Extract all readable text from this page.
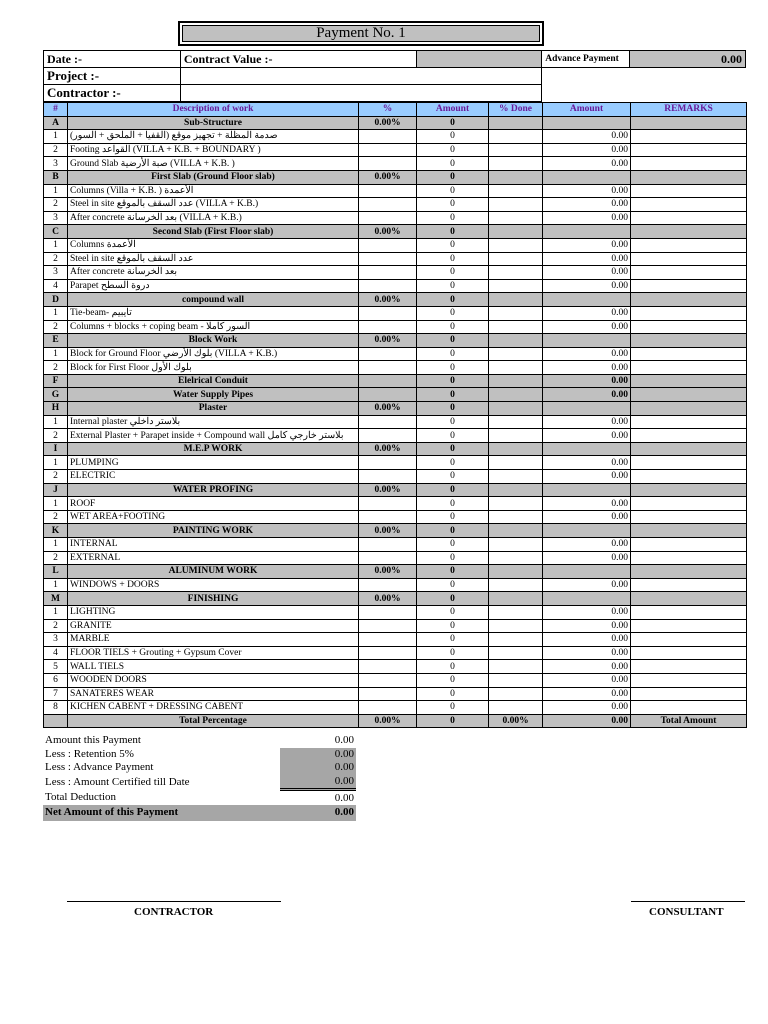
Payment No. 1
Date :-	Contract Value :-		Advance Payment	0.00
Project :-				
Contractor :-				
#	Description of work	%	Amount	% Done	Amount	REMARKS
A	Sub-Structure	0.00%	0			
1	صدمة المظلة + تجهيز موقع (القفيا + الملحق + السور)		0		0.00	
2	Footing القواعد (VILLA + K.B. + BOUNDARY )		0		0.00	
3	Ground Slab صبة الأرضية (VILLA + K.B. )		0		0.00	
B	First Slab (Ground Floor slab)	0.00%	0			
1	Columns (Villa + K.B. ) الأعمدة		0		0.00	
2	Steel in site عدد السقف بالموقع (VILLA + K.B.)		0		0.00	
3	After concrete بعد الخرسانة (VILLA + K.B.)		0		0.00	
C	Second Slab (First Floor slab)	0.00%	0			
1	Columns الأعمدة		0		0.00	
2	Steel in site عدد السقف بالموقع		0		0.00	
3	After concrete بعد الخرسانة		0		0.00	
4	Parapet دروة السطح		0		0.00	
D	compound wall	0.00%	0			
1	Tie-beam- تايبيم		0		0.00	
2	Columns + blocks + coping beam - السور كاملا		0		0.00	
E	Block Work	0.00%	0			
1	Block for Ground Floor بلوك الأرضي (VILLA + K.B.)		0		0.00	
2	Block for First Floor بلوك الأول		0		0.00	
F	Elelrical Conduit		0		0.00	
G	Water Supply Pipes		0		0.00	
H	Plaster	0.00%	0			
1	Internal plaster بلاستر داخلي		0		0.00	
2	External Plaster + Parapet inside + Compound wall بلاستر خارجي كامل		0		0.00	
I	M.E.P WORK	0.00%	0			
1	PLUMPING		0		0.00	
2	ELECTRIC		0		0.00	
J	WATER PROFING	0.00%	0			
1	ROOF		0		0.00	
2	WET AREA+FOOTING		0		0.00	
K	PAINTING WORK	0.00%	0			
1	INTERNAL		0		0.00	
2	EXTERNAL		0		0.00	
L	ALUMINUM WORK	0.00%	0			
1	WINDOWS + DOORS		0		0.00	
M	FINISHING	0.00%	0			
1	LIGHTING		0		0.00	
2	GRANITE		0		0.00	
3	MARBLE		0		0.00	
4	FLOOR TIELS + Grouting + Gypsum Cover		0		0.00	
5	WALL TIELS		0		0.00	
6	WOODEN DOORS		0		0.00	
7	SANATERES WEAR		0		0.00	
8	KICHEN CABENT + DRESSING CABENT		0		0.00	
	Total Percentage	0.00%	0	0.00%	0.00	Total Amount
Amount this Payment	0.00
Less : Retention 5%	0.00
Less : Advance Payment	0.00
Less : Amount Certified till Date	0.00
Total Deduction	0.00
Net Amount of this Payment	0.00
CONTRACTOR	CONSULTANT
